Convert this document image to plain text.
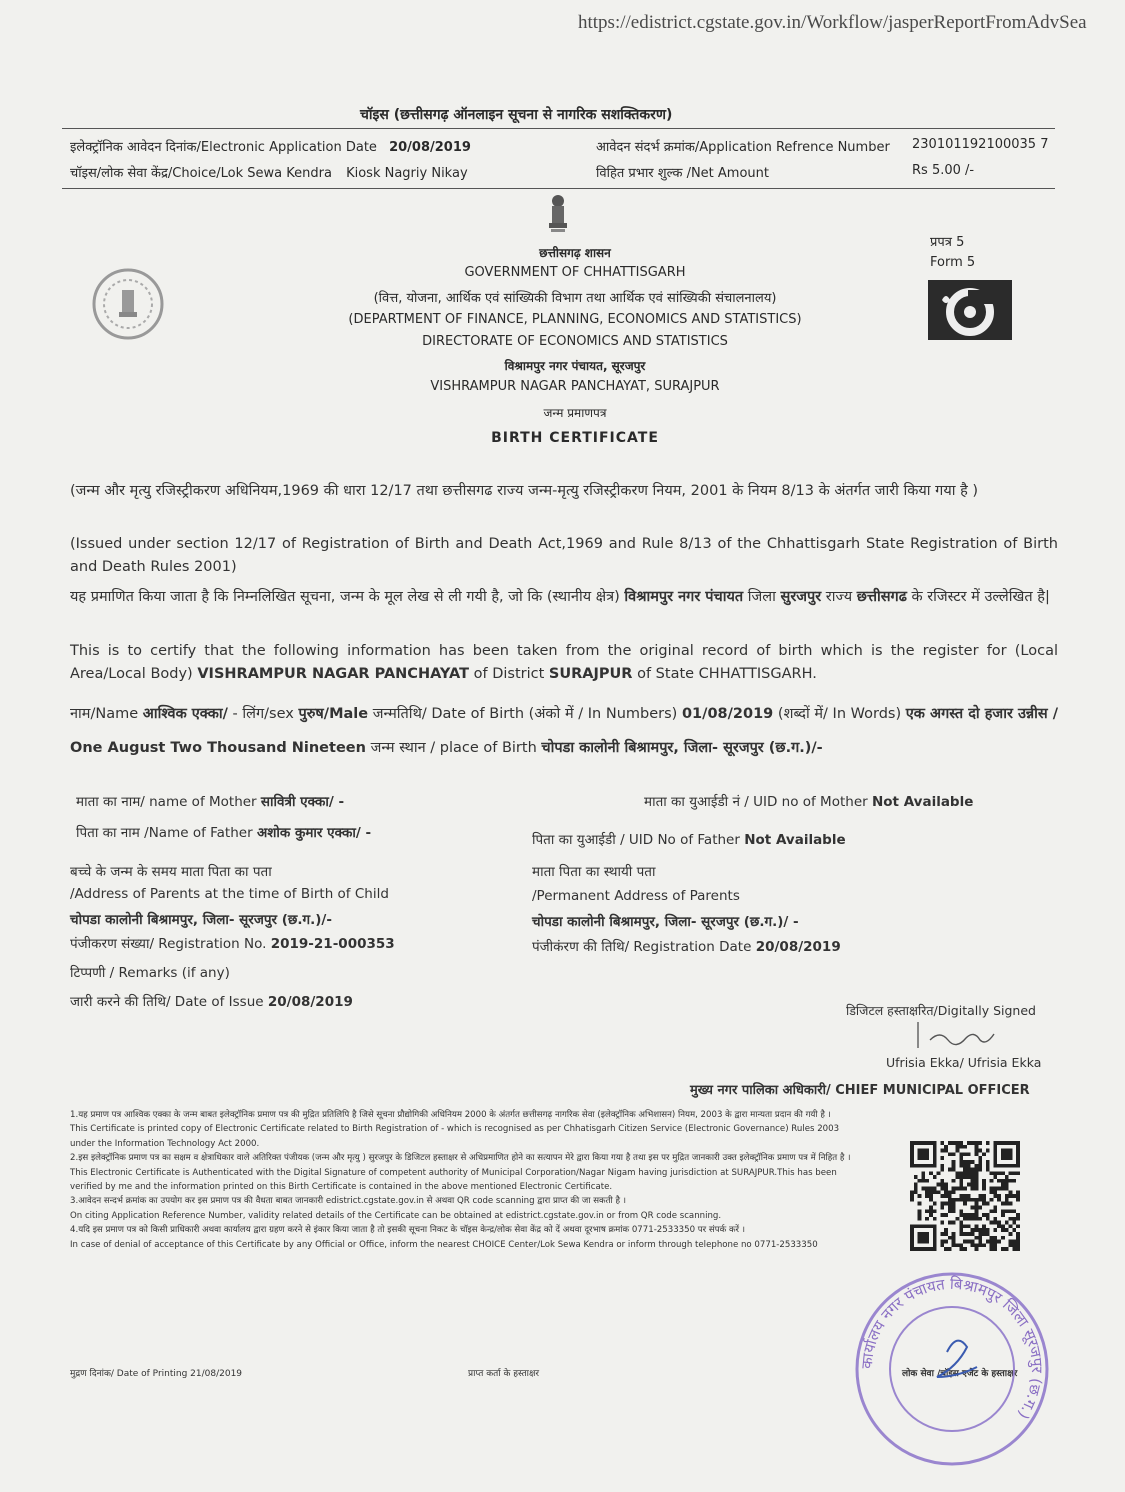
https://edistrict.cgstate.gov.in/Workflow/jasperReportFromAdvSea
चॉइस (छत्तीसगढ़ ऑनलाइन सूचना से नागरिक सशक्तिकरण)
इलेक्ट्रॉनिक आवेदन दिनांक/Electronic Application Date 20/08/2019	आवेदन संदर्भ क्रमांक/Application Refrence Number 230101192100035 7
चॉइस/लोक सेवा केंद्र/Choice/Lok Sewa Kendra Kiosk Nagriy Nikay	विहित प्रभार शुल्क /Net Amount	Rs 5.00 /-
प्रपत्र 5
Form 5
छत्तीसगढ़ शासन
GOVERNMENT OF CHHATTISGARH
(वित्त, योजना, आर्थिक एवं सांख्यिकी विभाग तथा आर्थिक एवं सांख्यिकी संचालनालय)
(DEPARTMENT OF FINANCE, PLANNING, ECONOMICS AND STATISTICS)
DIRECTORATE OF ECONOMICS AND STATISTICS
विश्रामपुर नगर पंचायत, सूरजपुर
VISHRAMPUR NAGAR PANCHAYAT, SURAJPUR
जन्म प्रमाणपत्र
BIRTH CERTIFICATE
(जन्म और मृत्यु रजिस्ट्रीकरण अधिनियम,1969 की धारा 12/17 तथा छत्तीसगढ राज्य जन्म-मृत्यु रजिस्ट्रीकरण नियम, 2001 के नियम 8/13 के अंतर्गत जारी किया गया है )
(Issued under section 12/17 of Registration of Birth and Death Act,1969 and Rule 8/13 of the Chhattisgarh State Registration of Birth and Death Rules 2001)
यह प्रमाणित किया जाता है कि निम्नलिखित सूचना, जन्म के मूल लेख से ली गयी है, जो कि (स्थानीय क्षेत्र) विश्रामपुर नगर पंचायत जिला सुरजपुर राज्य छत्तीसगढ के रजिस्टर में उल्लेखित है|
This is to certify that the following information has been taken from the original record of birth which is the register for (Local Area/Local Body) VISHRAMPUR NAGAR PANCHAYAT of District SURAJPUR of State CHHATTISGARH.
नाम/Name आश्विक एक्का/ - लिंग/sex पुरुष/Male जन्मतिथि/ Date of Birth (अंको में / In Numbers) 01/08/2019 (शब्दों में/ In Words) एक अगस्त दो हजार उन्नीस / One August Two Thousand Nineteen जन्म स्थान / place of Birth चोपडा कालोनी बिश्रामपुर, जिला- सूरजपुर (छ.ग.)/-
माता का नाम/ name of Mother सावित्री एक्का/ -	माता का युआईडी नं / UID no of Mother Not Available
पिता का नाम /Name of Father अशोक कुमार एक्का/ -	पिता का युआईडी / UID No of Father Not Available
बच्चे के जन्म के समय माता पिता का पता
/Address of Parents at the time of Birth of Child
चोपडा कालोनी बिश्रामपुर, जिला- सूरजपुर (छ.ग.)/-
माता पिता का स्थायी पता
/Permanent Address of Parents
चोपडा कालोनी बिश्रामपुर, जिला- सूरजपुर (छ.ग.)/ -
पंजीकरण संख्या/ Registration No. 2019-21-000353	पंजीकंरण की तिथि/ Registration Date 20/08/2019
टिप्पणी / Remarks (if any)
जारी करने की तिथि/ Date of Issue 20/08/2019
डिजिटल हस्ताक्षरित/Digitally Signed
Ufrisia Ekka/ Ufrisia Ekka
मुख्य नगर पालिका अधिकारी/ CHIEF MUNICIPAL OFFICER
1.यह प्रमाण पत्र आश्विक एक्का के जन्म बाबत इलेक्ट्रॉनिक प्रमाण पत्र की मुद्रित प्रतिलिपि है जिसे सूचना प्रौद्योगिकी अधिनियम 2000 के अंतर्गत छत्तीसगढ़ नागरिक सेवा (इलेक्ट्रॉनिक अभिशासन) नियम, 2003 के द्वारा मान्यता प्रदान की गयी है ।
This Certificate is printed copy of Electronic Certificate related to Birth Registration of - which is recognised as per Chhatisgarh Citizen Service (Electronic Governance) Rules 2003 under the Information Technology Act 2000.
2.इस इलेक्ट्रॉनिक प्रमाण पत्र का सक्षम व क्षेत्राधिकार वाले अतिरिक्त पंजीयक (जन्म और मृत्यु ) सुरजपुर के डिजिटल हस्ताक्षर से अधिप्रमाणित होने का सत्यापन मेरे द्वारा किया गया है तथा इस पर मुद्रित जानकारी उक्त इलेक्ट्रॉनिक प्रमाण पत्र में निहित है ।
This Electronic Certificate is Authenticated with the Digital Signature of competent authority of Municipal Corporation/Nagar Nigam having jurisdiction at SURAJPUR.This has been verified by me and the information printed on this Birth Certificate is contained in the above mentioned Electronic Certificate.
3.आवेदन सन्दर्भ क्रमांक का उपयोग कर इस प्रमाण पत्र की वैधता बाबत जानकारी edistrict.cgstate.gov.in से अथवा QR code scanning द्वारा प्राप्त की जा सकती है ।
On citing Application Reference Number, validity related details of the Certificate can be obtained at edistrict.cgstate.gov.in or from QR code scanning.
4.यदि इस प्रमाण पत्र को किसी प्राधिकारी अथवा कार्यालय द्वारा ग्रहण करने से इंकार किया जाता है तो इसकी सूचना निकट के चॉइस केन्द्र/लोक सेवा केंद्र को दें अथवा दूरभाष क्रमांक 0771-2533350 पर संपर्क करें ।
In case of denial of acceptance of this Certificate by any Official or Office, inform the nearest CHOICE Center/Lok Sewa Kendra or inform through telephone no 0771-2533350
मुद्रण दिनांक/ Date of Printing 21/08/2019	प्राप्त कर्ता के हस्ताक्षर	लोक सेवा /चॉइस एजेंट के हस्ताक्षर
कार्यालय नगर पंचायत बिश्रामपुर जिला सूरजपुर (छ.ग.)
